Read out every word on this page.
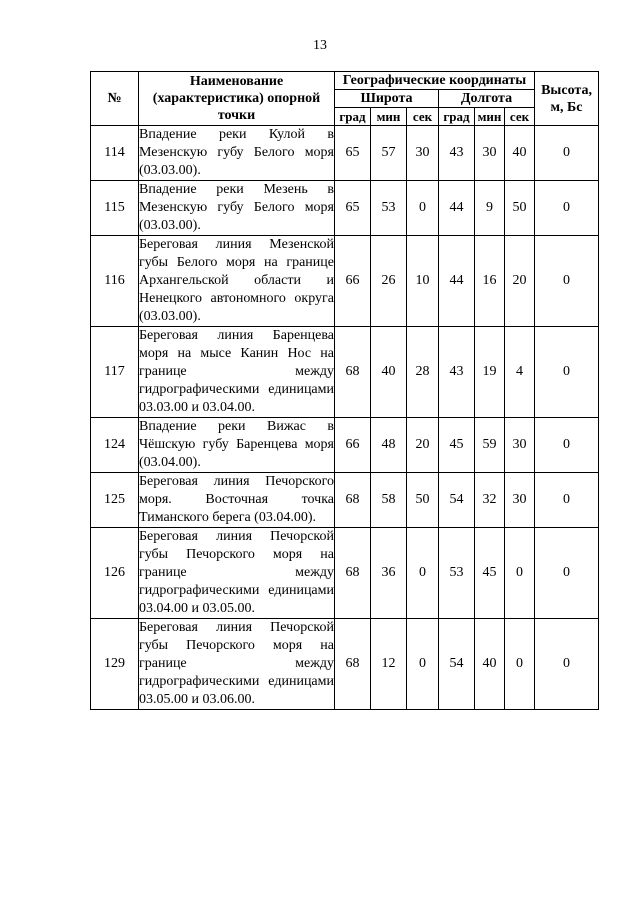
13
№	Наименование (характеристика) опорной точки	Географические координаты						Высота, м, Бс
		Широта			Долгота			
		град	мин	сек	град	мин	сек	
114	Впадение реки Кулой в Мезенскую губу Белого моря (03.03.00).	65	57	30	43	30	40	0
115	Впадение реки Мезень в Мезенскую губу Белого моря (03.03.00).	65	53	0	44	9	50	0
116	Береговая линия Мезенской губы Белого моря на границе Архангельской области и Ненецкого автономного округа (03.03.00).	66	26	10	44	16	20	0
117	Береговая линия Баренцева моря на мысе Канин Нос на границе между гидрографическими единицами 03.03.00 и 03.04.00.	68	40	28	43	19	4	0
124	Впадение реки Вижас в Чёшскую губу Баренцева моря (03.04.00).	66	48	20	45	59	30	0
125	Береговая линия Печорского моря. Восточная точка Тиманского берега (03.04.00).	68	58	50	54	32	30	0
126	Береговая линия Печорской губы Печорского моря на границе между гидрографическими единицами 03.04.00 и 03.05.00.	68	36	0	53	45	0	0
129	Береговая линия Печорской губы Печорского моря на границе между гидрографическими единицами 03.05.00 и 03.06.00.	68	12	0	54	40	0	0
